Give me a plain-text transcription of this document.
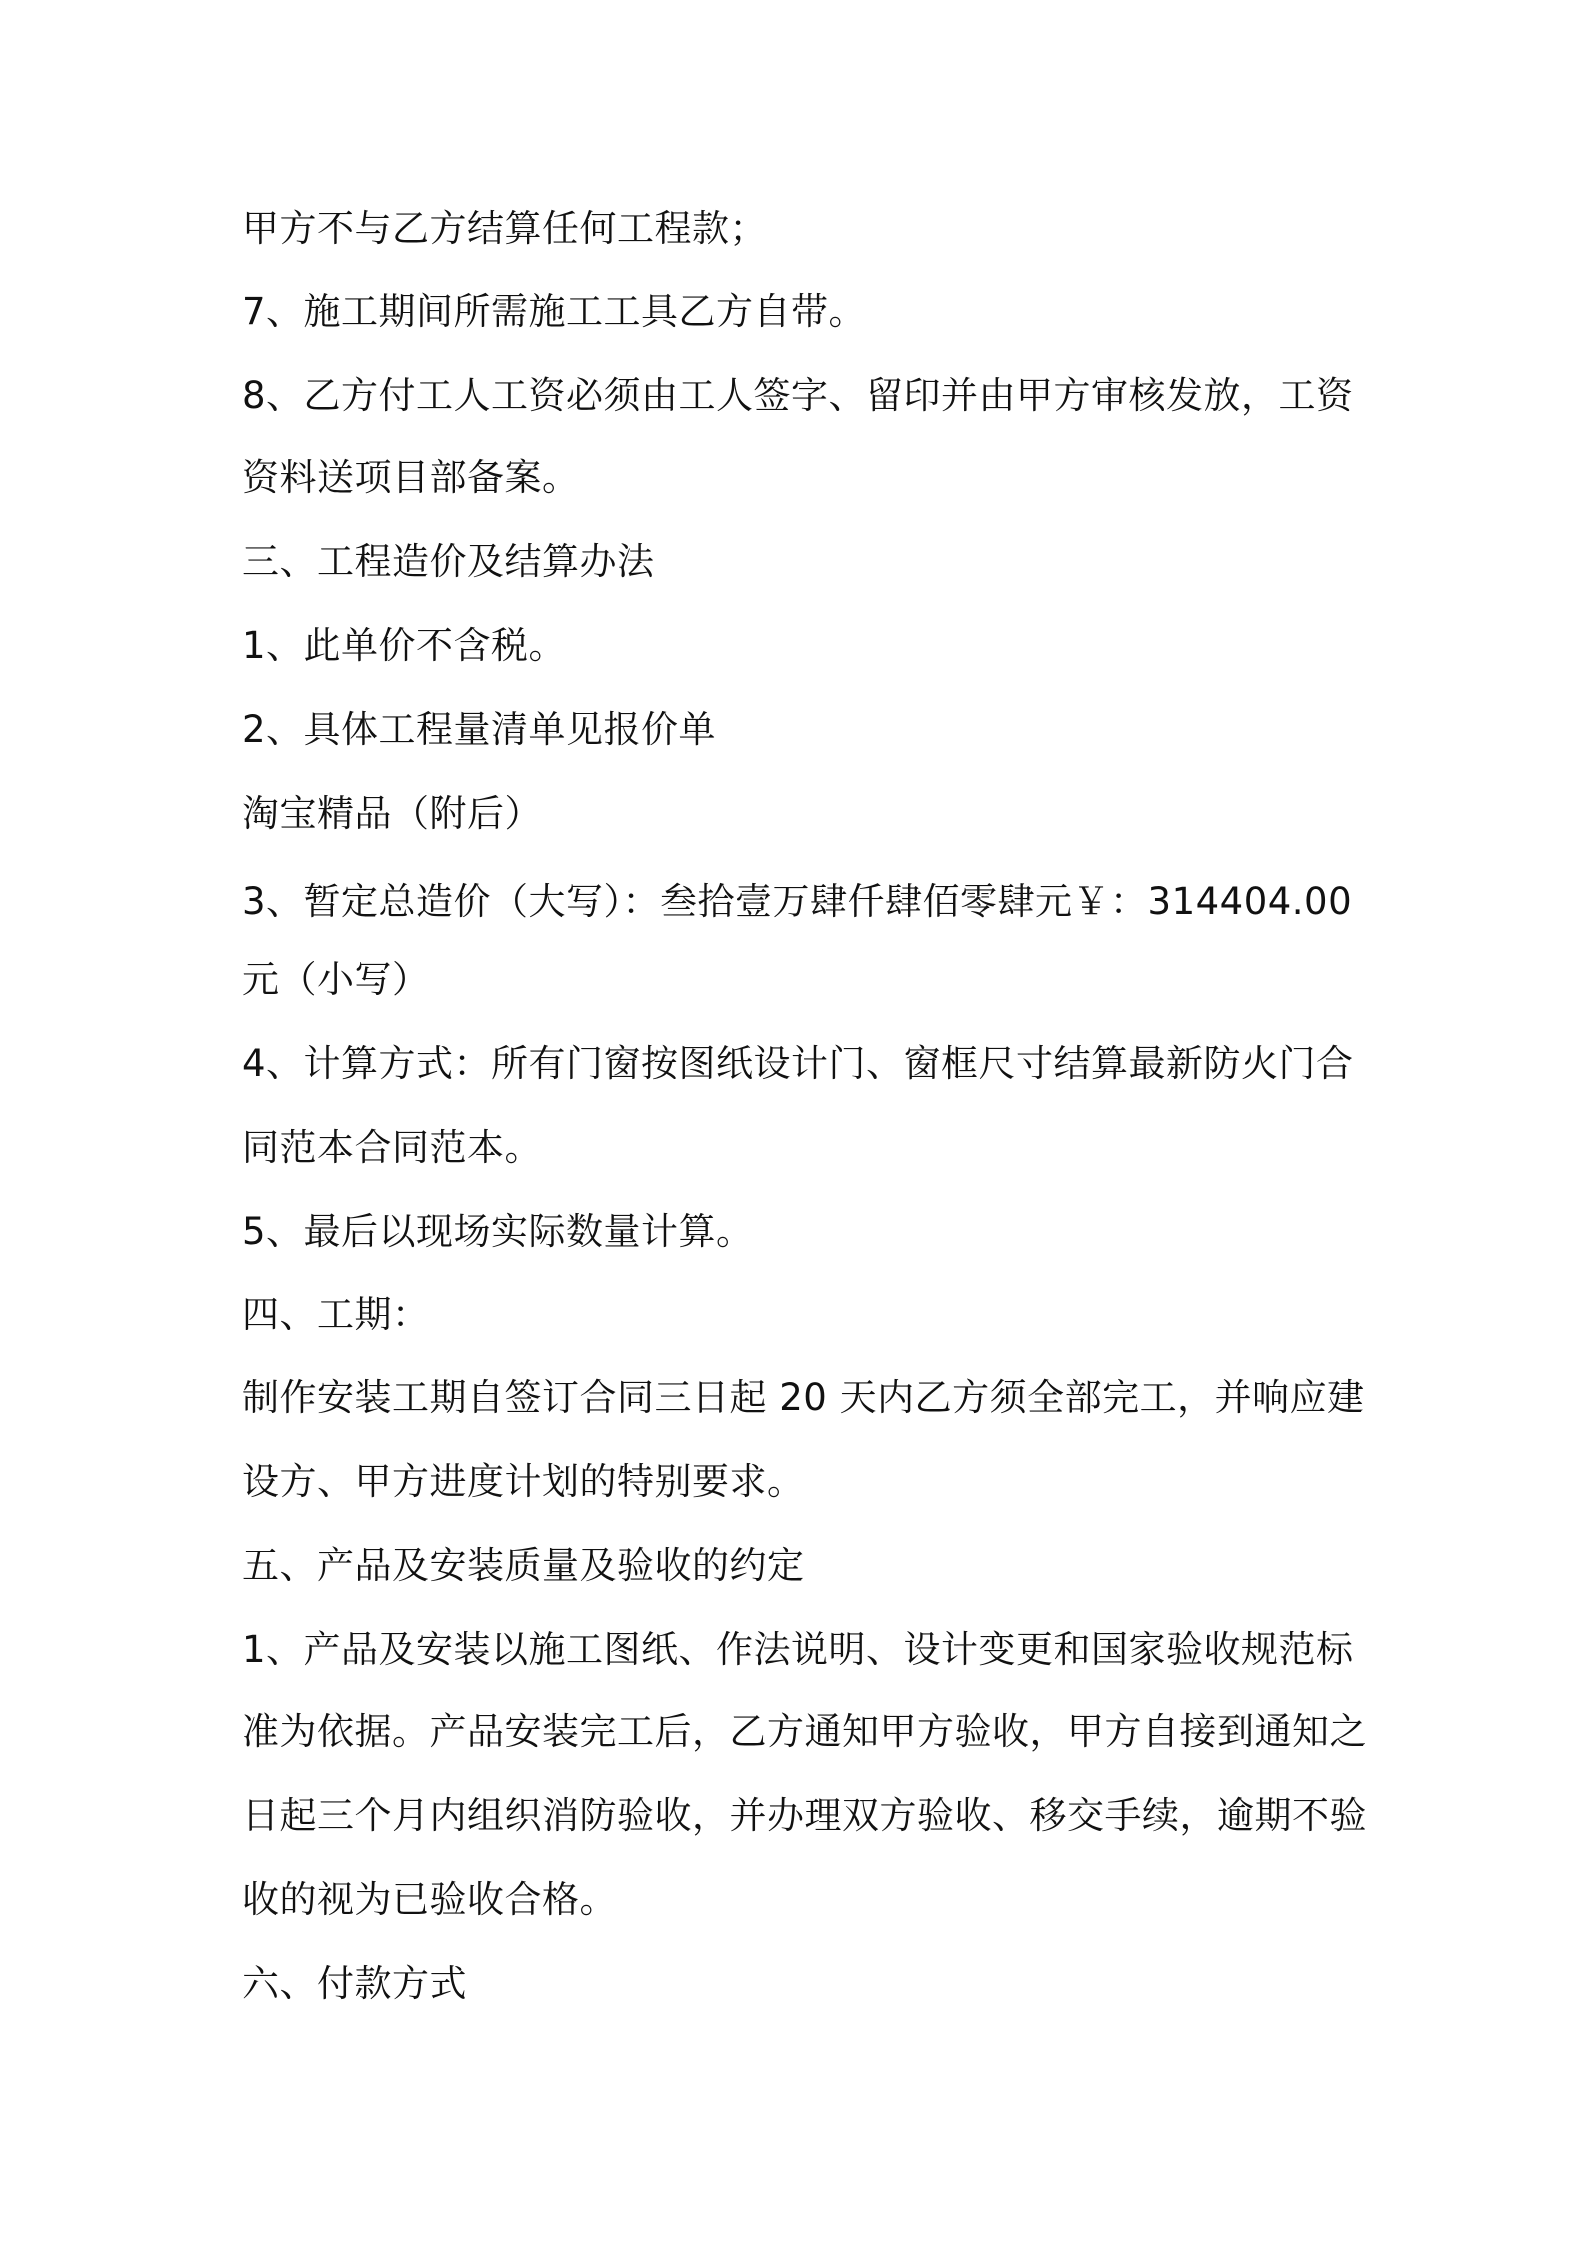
甲方不与乙方结算任何工程款；
7、施工期间所需施工工具乙方自带。
8、乙方付工人工资必须由工人签字、留印并由甲方审核发放，工资
资料送项目部备案。
三、工程造价及结算办法
1、此单价不含税。
2、具体工程量清单见报价单
淘宝精品（附后）
3、暂定总造价（大写）：叁拾壹万肆仟肆佰零肆元￥：314404.00
元（小写）
4、计算方式：所有门窗按图纸设计门、窗框尺寸结算最新防火门合
同范本合同范本。
5、最后以现场实际数量计算。
四、工期：
制作安装工期自签订合同三日起 20 天内乙方须全部完工，并响应建
设方、甲方进度计划的特别要求。
五、产品及安装质量及验收的约定
1、产品及安装以施工图纸、作法说明、设计变更和国家验收规范标
准为依据。产品安装完工后，乙方通知甲方验收，甲方自接到通知之
日起三个月内组织消防验收，并办理双方验收、移交手续，逾期不验
收的视为已验收合格。
六、付款方式
